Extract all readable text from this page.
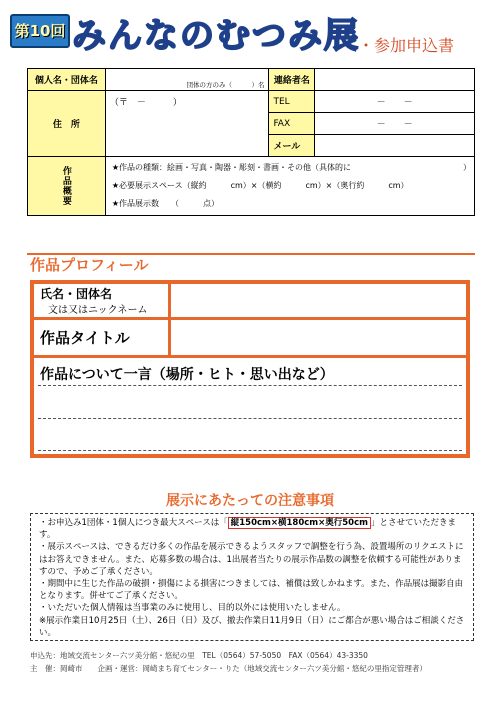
第10回 みんなのむつみ展
・参加申込書
個人名・団体名	団体の方のみ（　　　）名	連絡者名	
住　所	（〒　－　　　）	TEL	－　　－
		FAX	－　　－
		メール	

作品概要	★作品の種類：絵画・写真・陶器・彫刻・書画・その他（具体的に　　　　　　　　　　　　　　）
★必要展示スペース（縦約　　　cm）×（横約　　　cm）×（奥行約　　　cm）
★作品展示数　　（　　　点）		
作品プロフィール
氏名・団体名
文は又はニックネーム
作品タイトル
作品について一言（場所・ヒト・思い出など）
展示にあたっての注意事項

・お申込み1団体・1個人につき最大スペースは「 縦150cm×横180cm×奥行50cm 」とさせていただきます。

・展示スペースは、できるだけ多くの作品を展示できるようスタッフで調整を行う為、設置場所のリクエストにはお答えできません。また、応募多数の場合は、1出展者当たりの展示作品数の調整を依頼する可能性がありますので、予めご了承ください。

・期間中に生じた作品の破損・損傷による損害につきましては、補償は致しかねます。また、作品展は撮影自由となります。併せてご了承ください。

・いただいた個人情報は当事業のみに使用し、目的以外には使用いたしません。

※展示作業日10月25日（土）、26日（日）及び、撤去作業日11月9日（日）にご都合が悪い場合はご相談ください。

申込先：地域交流センター六ツ美分館・悠紀の里　TEL（0564）57-5050　FAX（0564）43-3350
主　催：岡崎市　　企画・運営：岡崎まち育てセンター・りた（地域交流センター六ツ美分館・悠紀の里指定管理者）
